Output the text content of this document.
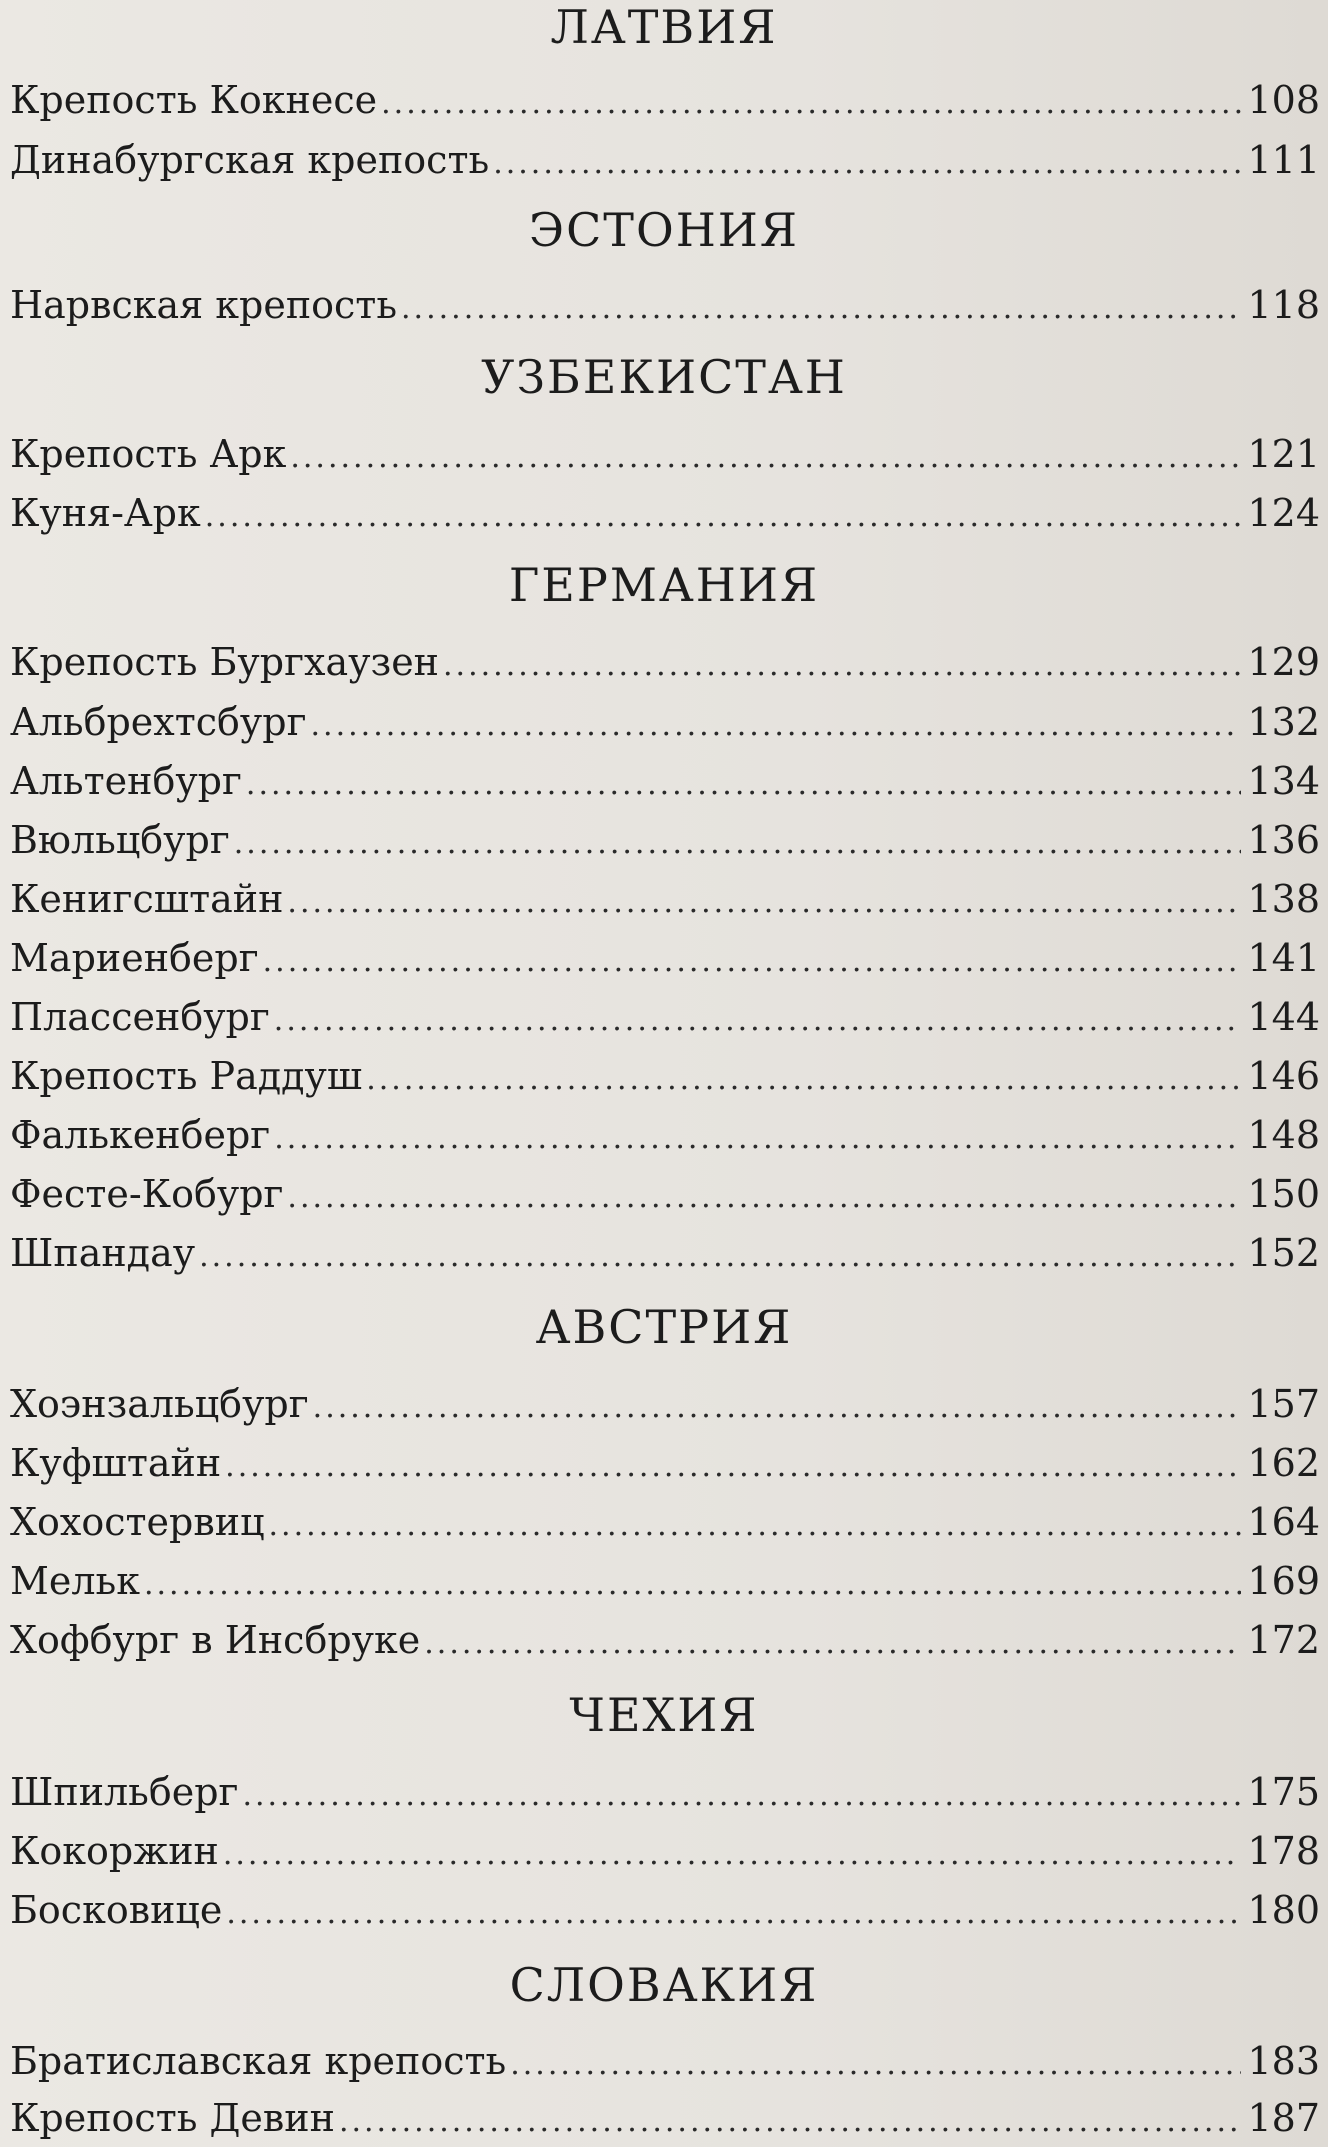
ЛАТВИЯ
Крепость Кокнесе .....	108
Динабургская крепость .....	111
ЭСТОНИЯ
Нарвская крепость .....	118
УЗБЕКИСТАН
Крепость Арк .....	121
Куня-Арк .....	124
ГЕРМАНИЯ
Крепость Бургхаузен .....	129
Альбрехтсбург .....	132
Альтенбург .....	134
Вюльцбург .....	136
Кенигсштайн .....	138
Мариенберг .....	141
Плассенбург .....	144
Крепость Раддуш .....	146
Фалькенберг .....	148
Фесте-Кобург .....	150
Шпандау .....	152
АВСТРИЯ
Хоэнзальцбург .....	157
Куфштайн .....	162
Хохостервиц .....	164
Мельк .....	169
Хофбург в Инсбруке .....	172
ЧЕХИЯ
Шпильберг .....	175
Кокоржин .....	178
Босковице .....	180
СЛОВАКИЯ
Братиславская крепость .....	183
Крепость Девин .....	187
